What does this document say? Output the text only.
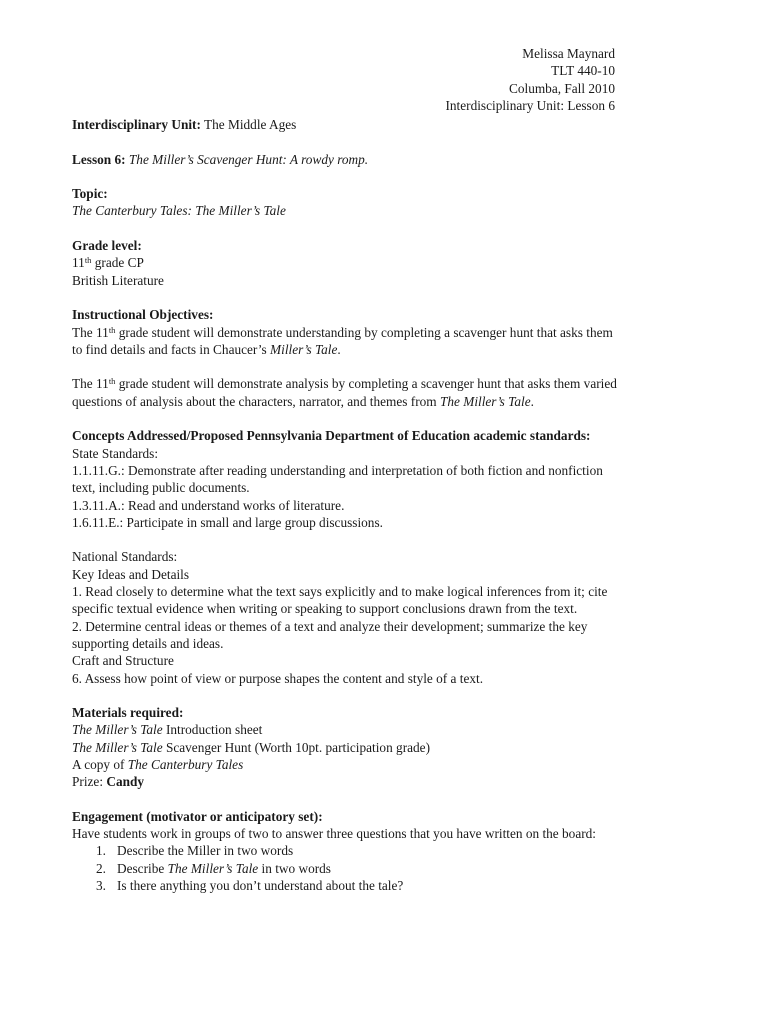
Melissa Maynard
TLT 440-10
Columba, Fall 2010
Interdisciplinary Unit: Lesson 6
Interdisciplinary Unit: The Middle Ages
Lesson 6: The Miller’s Scavenger Hunt: A rowdy romp.
Topic:
The Canterbury Tales: The Miller’s Tale
Grade level:
11th grade CP
British Literature
Instructional Objectives:
The 11th grade student will demonstrate understanding by completing a scavenger hunt that asks them
to find details and facts in Chaucer’s Miller’s Tale.
The 11th grade student will demonstrate analysis by completing a scavenger hunt that asks them varied
questions of analysis about the characters, narrator, and themes from The Miller’s Tale.
Concepts Addressed/Proposed Pennsylvania Department of Education academic standards:
State Standards:
1.1.11.G.: Demonstrate after reading understanding and interpretation of both fiction and nonfiction
text, including public documents.
1.3.11.A.: Read and understand works of literature.
1.6.11.E.: Participate in small and large group discussions.
National Standards:
Key Ideas and Details
1. Read closely to determine what the text says explicitly and to make logical inferences from it; cite
specific textual evidence when writing or speaking to support conclusions drawn from the text.
2. Determine central ideas or themes of a text and analyze their development; summarize the key
supporting details and ideas.
Craft and Structure
6. Assess how point of view or purpose shapes the content and style of a text.
Materials required:
The Miller’s Tale Introduction sheet
The Miller’s Tale Scavenger Hunt (Worth 10pt. participation grade)
A copy of The Canterbury Tales
Prize: Candy
Engagement (motivator or anticipatory set):
Have students work in groups of two to answer three questions that you have written on the board:
1. Describe the Miller in two words
2. Describe The Miller’s Tale in two words
3. Is there anything you don’t understand about the tale?
